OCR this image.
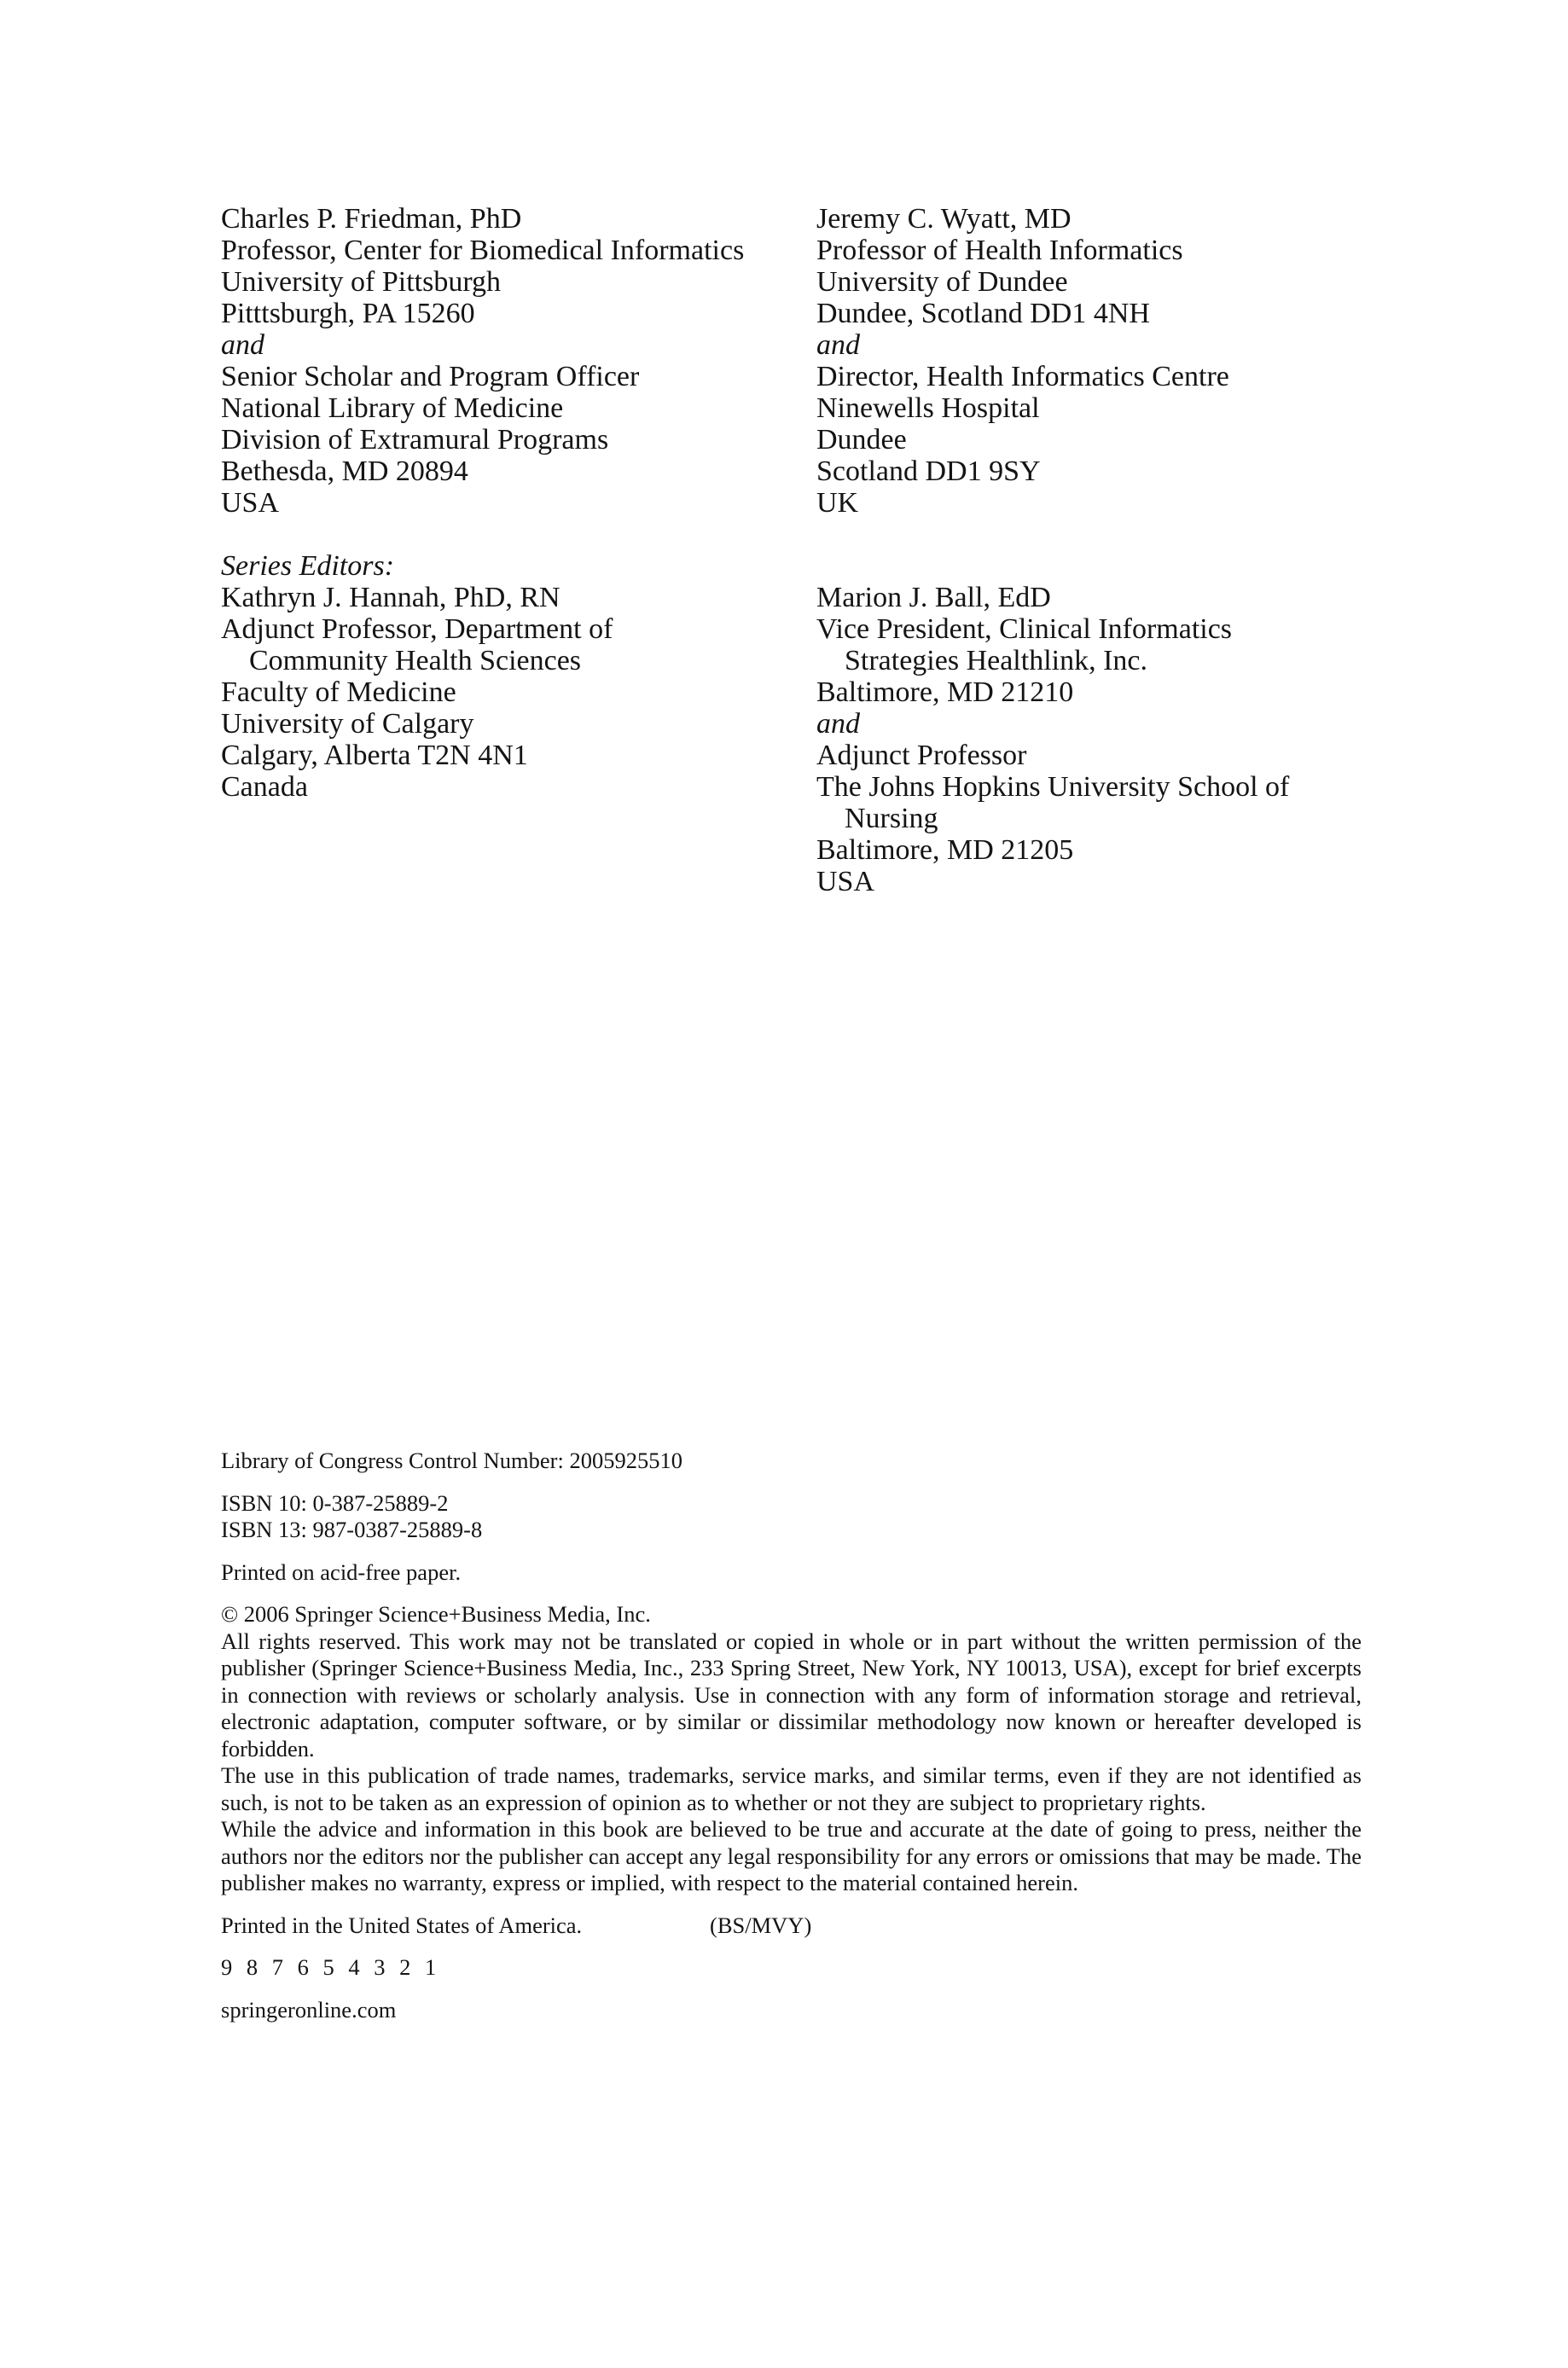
Charles P. Friedman, PhD
Professor, Center for Biomedical Informatics
University of Pittsburgh
Pitttsburgh, PA 15260
and
Senior Scholar and Program Officer
National Library of Medicine
Division of Extramural Programs
Bethesda, MD 20894
USA
Jeremy C. Wyatt, MD
Professor of Health Informatics
University of Dundee
Dundee, Scotland DD1 4NH
and
Director, Health Informatics Centre
Ninewells Hospital
Dundee
Scotland DD1 9SY
UK
Series Editors:
Kathryn J. Hannah, PhD, RN
Adjunct Professor, Department of
Community Health Sciences
Faculty of Medicine
University of Calgary
Calgary, Alberta T2N 4N1
Canada
Marion J. Ball, EdD
Vice President, Clinical Informatics
Strategies Healthlink, Inc.
Baltimore, MD 21210
and
Adjunct Professor
The Johns Hopkins University School of
Nursing
Baltimore, MD 21205
USA

Library of Congress Control Number: 2005925510

ISBN 10: 0-387-25889-2

ISBN 13: 987-0387-25889-8

Printed on acid-free paper.

© 2006 Springer Science+Business Media, Inc.

All rights reserved. This work may not be translated or copied in whole or in part without the written permission of the publisher (Springer Science+Business Media, Inc., 233 Spring Street, New York, NY 10013, USA), except for brief excerpts in connection with reviews or scholarly analysis. Use in connection with any form of information storage and retrieval, electronic adaptation, computer software, or by similar or dissimilar methodology now known or hereafter developed is forbidden.

The use in this publication of trade names, trademarks, service marks, and similar terms, even if they are not identified as such, is not to be taken as an expression of opinion as to whether or not they are subject to proprietary rights.

While the advice and information in this book are believed to be true and accurate at the date of going to press, neither the authors nor the editors nor the publisher can accept any legal responsibility for any errors or omissions that may be made. The publisher makes no warranty, express or implied, with respect to the material contained herein.

Printed in the United States of America.	(BS/MVY)

9 8 7 6 5 4 3 2 1

springeronline.com
